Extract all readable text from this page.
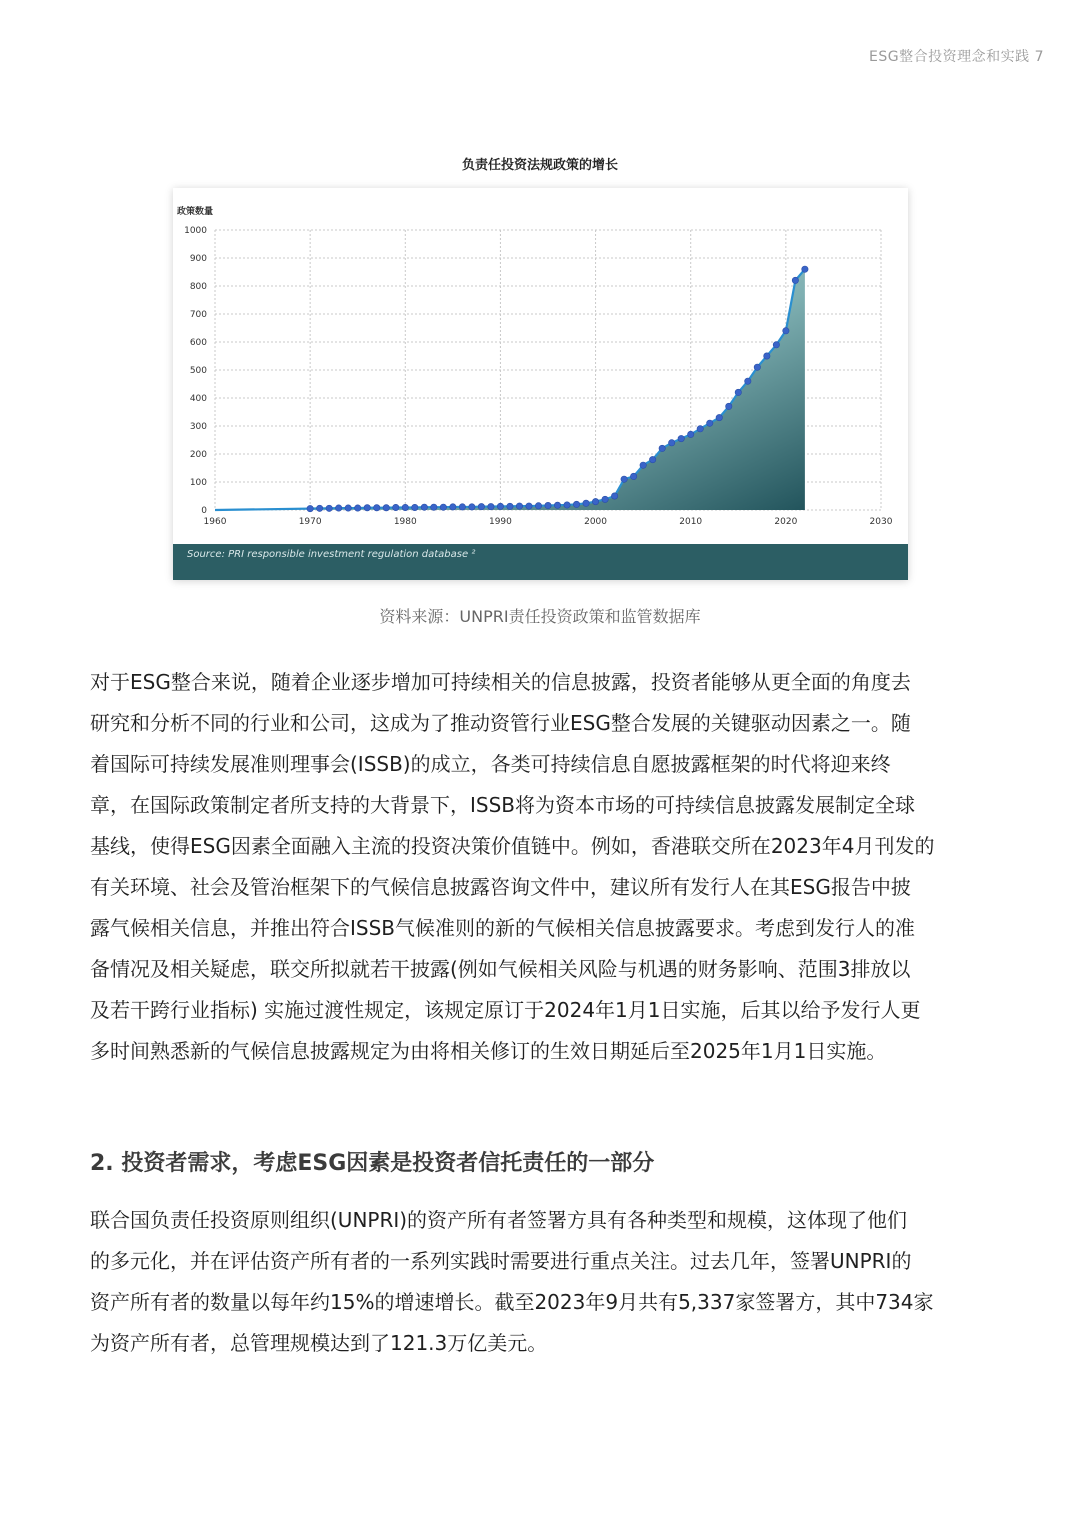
ESG整合投资理念和实践 7
负责任投资法规政策的增长
0
100
200
300
400
500
600
700
800
900
1000
1960	1970	1980	1990	2000	2010	2020	2030
政策数量
Source: PRI responsible investment regulation database ²
资料来源：UNPRI责任投资政策和监管数据库
对于ESG整合来说，随着企业逐步增加可持续相关的信息披露，投资者能够从更全面的角度去
研究和分析不同的行业和公司，这成为了推动资管行业ESG整合发展的关键驱动因素之一。随
着国际可持续发展准则理事会(ISSB)的成立，各类可持续信息自愿披露框架的时代将迎来终
章，在国际政策制定者所支持的大背景下，ISSB将为资本市场的可持续信息披露发展制定全球
基线，使得ESG因素全面融入主流的投资决策价值链中。例如，香港联交所在2023年4月刊发的
有关环境、社会及管治框架下的气候信息披露咨询文件中，建议所有发行人在其ESG报告中披
露气候相关信息，并推出符合ISSB气候准则的新的气候相关信息披露要求。考虑到发行人的准
备情况及相关疑虑，联交所拟就若干披露(例如气候相关风险与机遇的财务影响、范围3排放以
及若干跨行业指标) 实施过渡性规定，该规定原订于2024年1月1日实施，后其以给予发行人更
多时间熟悉新的气候信息披露规定为由将相关修订的生效日期延后至2025年1月1日实施。
2. 投资者需求，考虑ESG因素是投资者信托责任的一部分
联合国负责任投资原则组织(UNPRI)的资产所有者签署方具有各种类型和规模，这体现了他们
的多元化，并在评估资产所有者的一系列实践时需要进行重点关注。过去几年，签署UNPRI的
资产所有者的数量以每年约15%的增速增长。截至2023年9月共有5,337家签署方，其中734家
为资产所有者，总管理规模达到了121.3万亿美元。
